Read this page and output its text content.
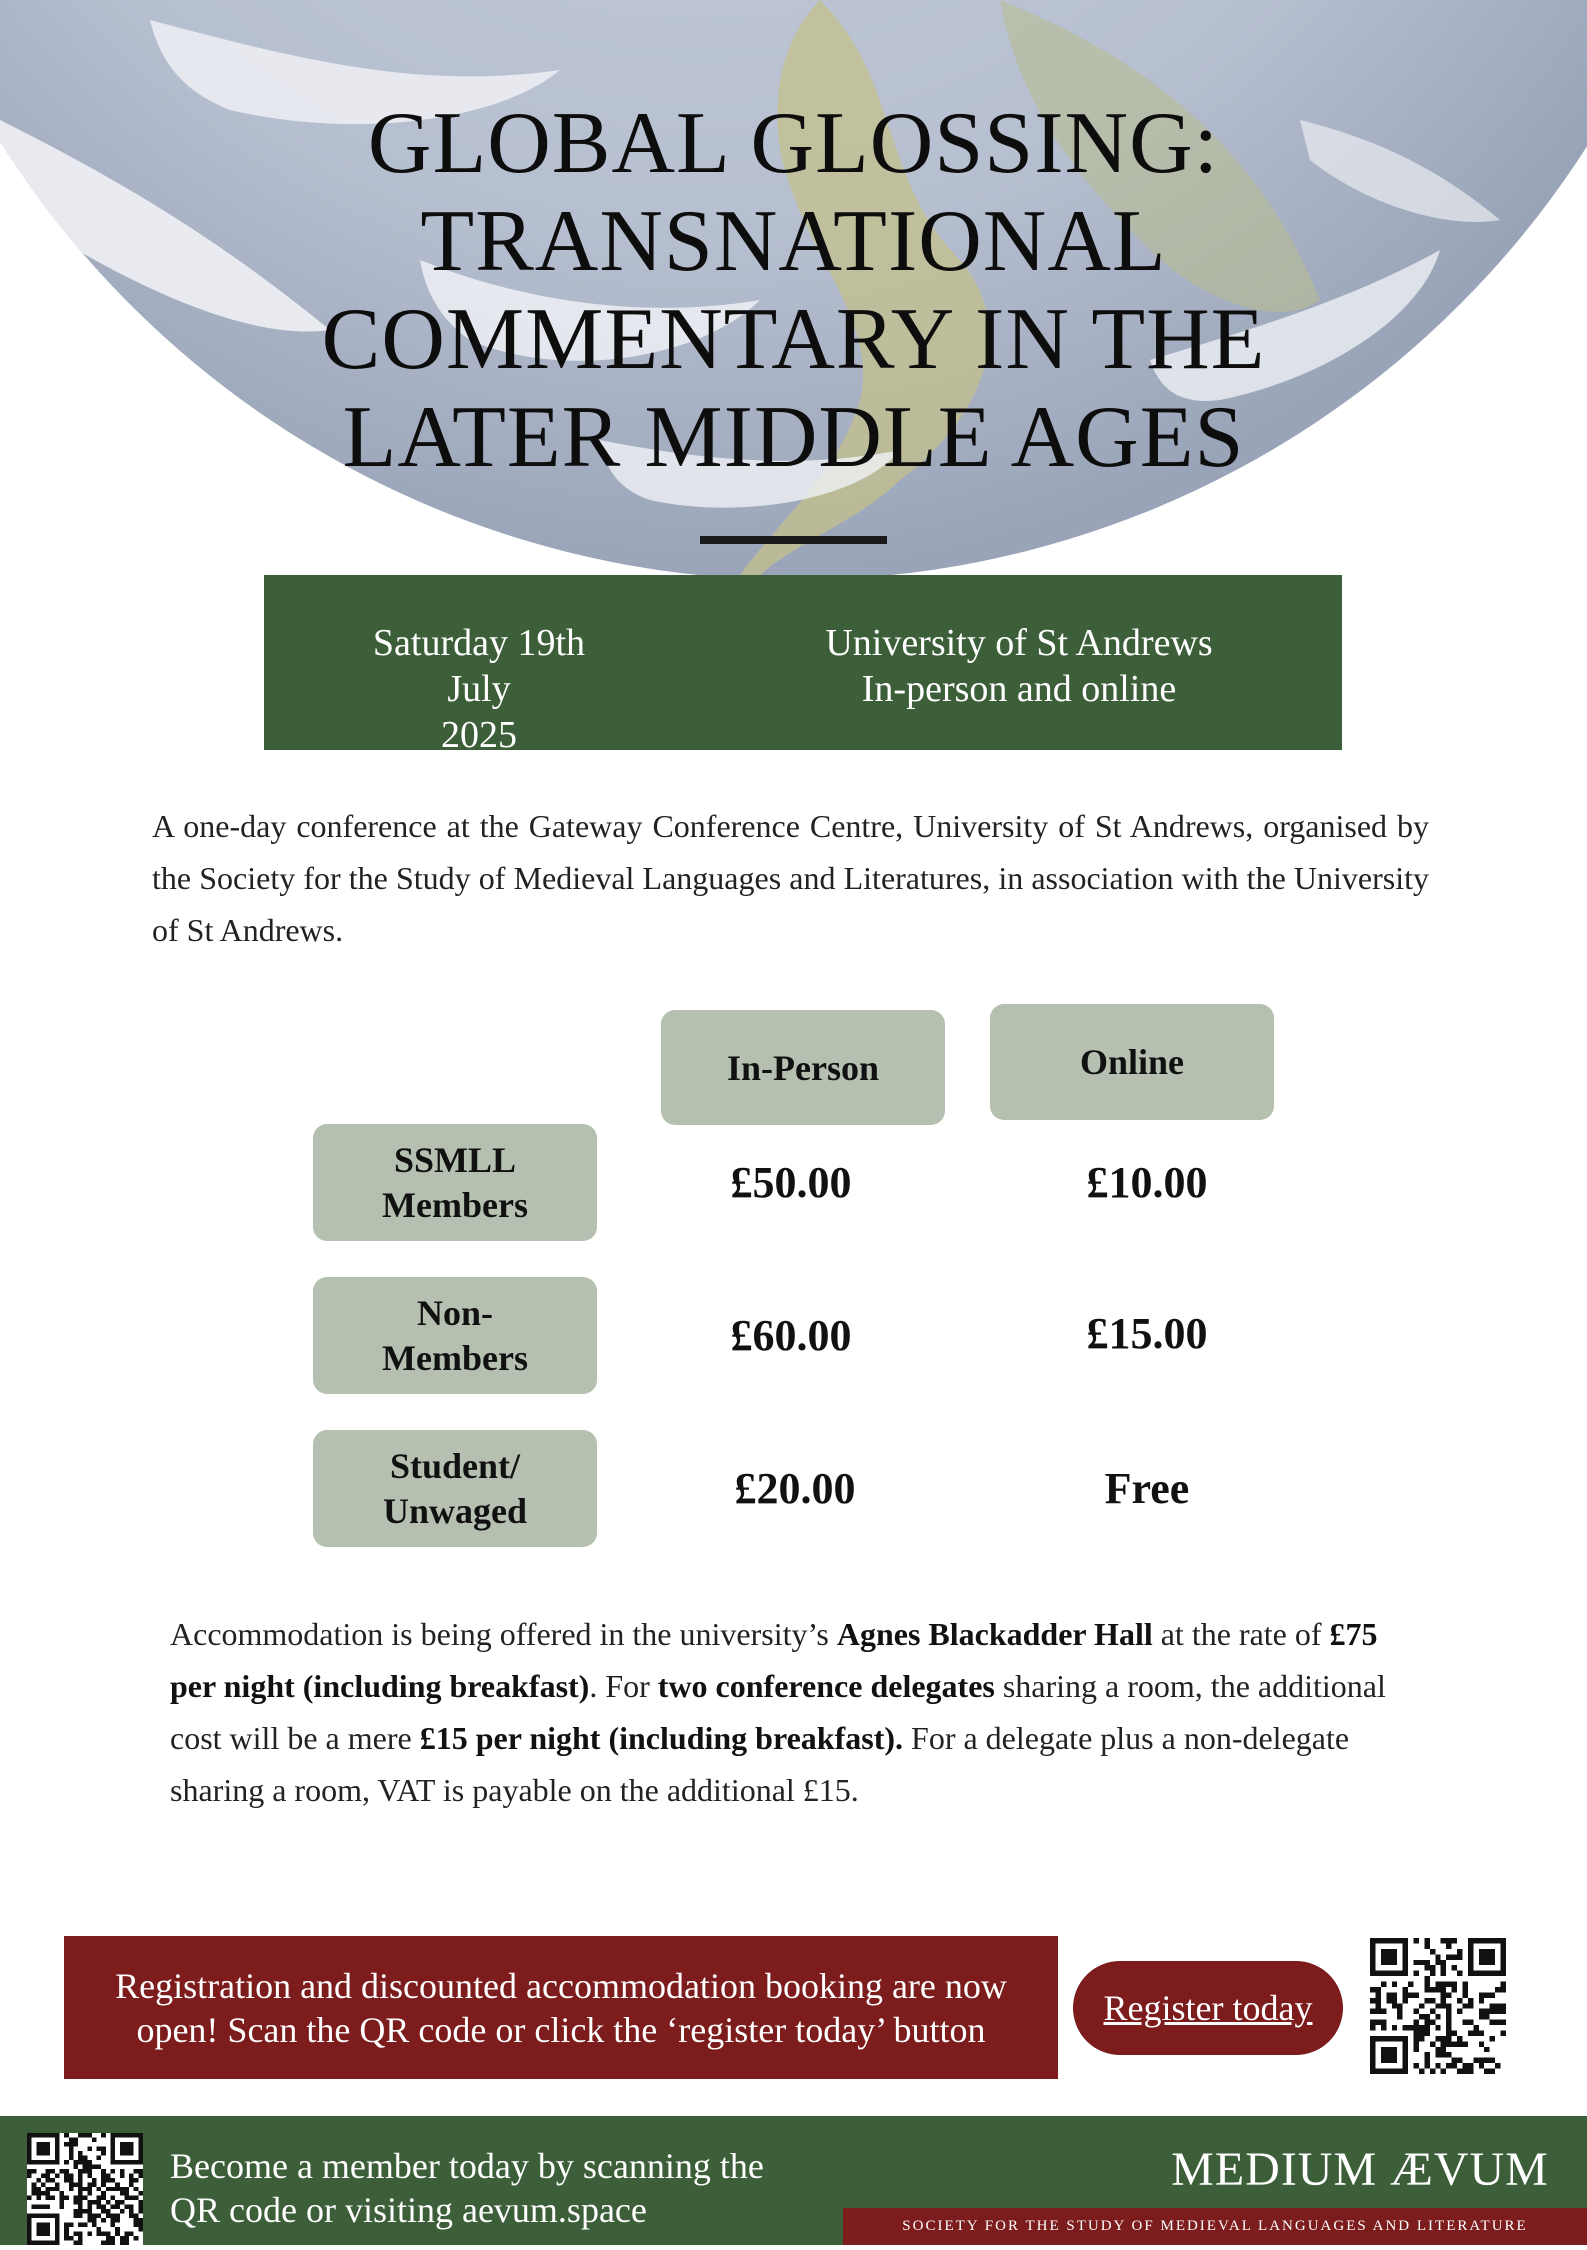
GLOBAL GLOSSING:
TRANSNATIONAL
COMMENTARY IN THE
LATER MIDDLE AGES
Saturday 19th July
2025
University of St Andrews
In-person and online

A one-day conference at the Gateway Conference Centre, University of St Andrews, organised by the Society for the Study of Medieval Languages and Literatures, in association with the University of St Andrews.

In-Person	Online
SSMLL
Members	£50.00	£10.00
Non-
Members	£60.00	£15.00
Student/
Unwaged	£20.00	Free

Accommodation is being offered in the university’s Agnes Blackadder Hall at the rate of £75 per night (including breakfast). For two conference delegates sharing a room, the additional cost will be a mere £15 per night (including breakfast). For a delegate plus a non-delegate sharing a room, VAT is payable on the additional £15.

Registration and discounted accommodation booking are now
open! Scan the QR code or click the ‘register today’ button
Register today
Become a member today by scanning the
QR code or visiting aevum.space
MEDIUM ÆVUM
SOCIETY FOR THE STUDY OF MEDIEVAL LANGUAGES AND LITERATURE
